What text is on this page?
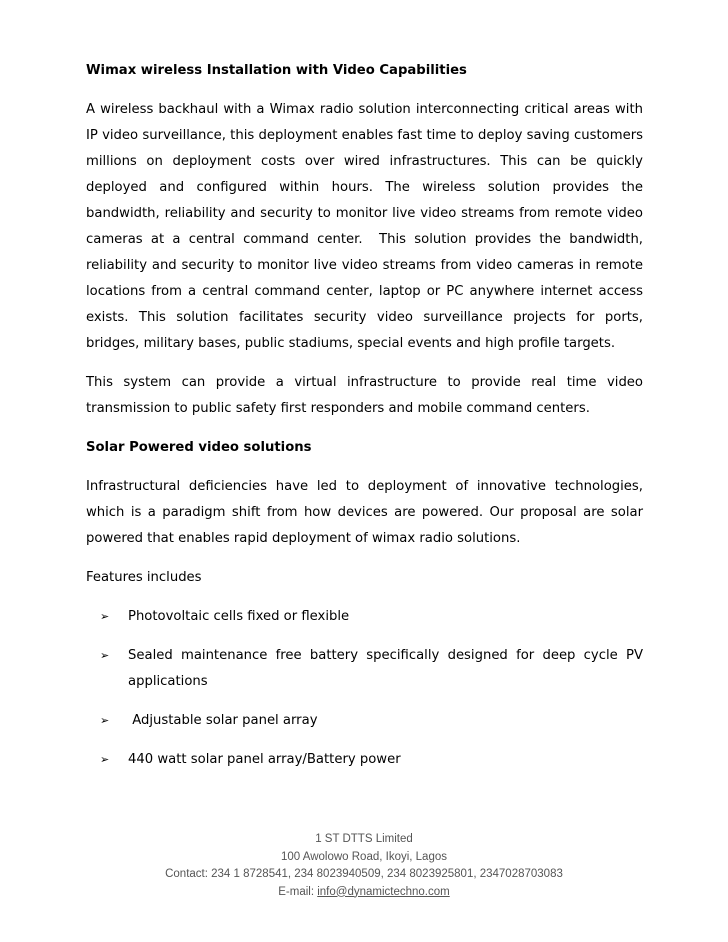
Wimax wireless Installation with Video Capabilities

A wireless backhaul with a Wimax radio solution interconnecting critical areas with IP video surveillance, this deployment enables fast time to deploy saving customers millions on deployment costs over wired infrastructures. This can be quickly deployed and configured within hours. The wireless solution provides the bandwidth, reliability and security to monitor live video streams from remote video cameras at a central command center.  This solution provides the bandwidth, reliability and security to monitor live video streams from video cameras in remote locations from a central command center, laptop or PC anywhere internet access exists. This solution facilitates security video surveillance projects for ports, bridges, military bases, public stadiums, special events and high profile targets.

This system can provide a virtual infrastructure to provide real time video transmission to public safety first responders and mobile command centers.

Solar Powered video solutions

Infrastructural deficiencies have led to deployment of innovative technologies, which is a paradigm shift from how devices are powered. Our proposal are solar powered that enables rapid deployment of wimax radio solutions.

Features includes

➢ Photovoltaic cells fixed or flexible
➢ Sealed maintenance free battery specifically designed for deep cycle PV applications
➢ Adjustable solar panel array
➢ 440 watt solar panel array/Battery power
1 ST DTTS Limited
100 Awolowo Road, Ikoyi, Lagos
Contact: 234 1 8728541, 234 8023940509, 234 8023925801, 2347028703083
E-mail: info@dynamictechno.com
